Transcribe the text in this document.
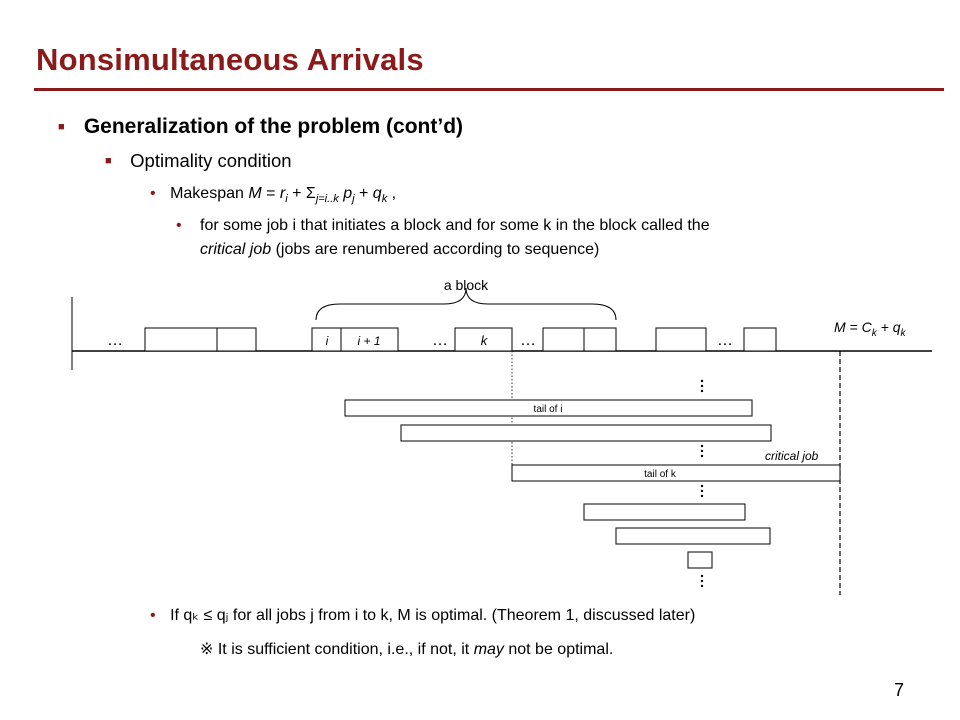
Nonsimultaneous Arrivals
■ Generalization of the problem (cont’d)
■ Optimality condition
• Makespan $M = r_i + \Sigma_{j=i..k}$ $p_j + q_k$ ,
• for some job i that initiates a block and for some k in the block called the
critical job (jobs are renumbered according to sequence)
a block
i i + 1	k
…	…	…	…
$M = C_k + q_k$
tail of i
tail of k
critical job
• If qₖ ≤ qⱼ for all jobs j from i to k, M is optimal. (Theorem 1, discussed later)
※ It is sufficient condition, i.e., if not, it may not be optimal.
7
